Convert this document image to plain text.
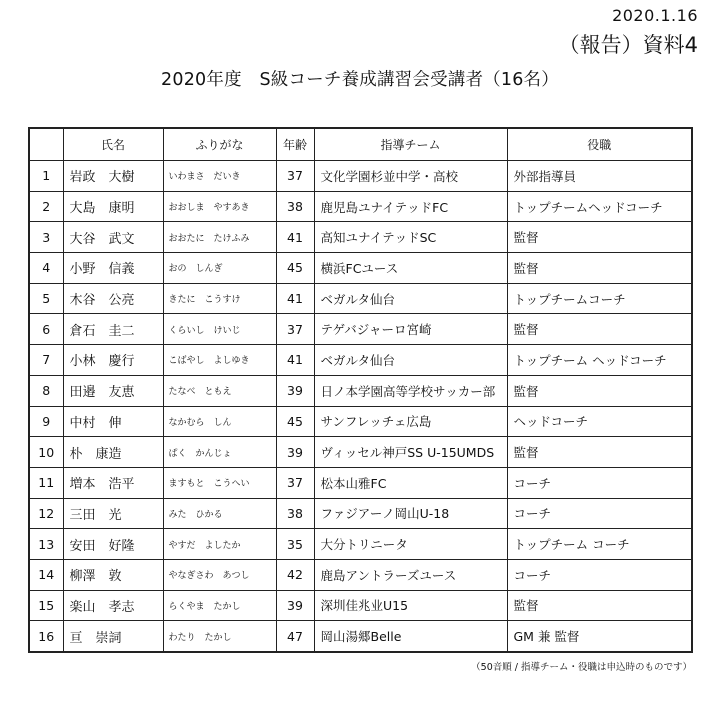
2020.1.16
（報告）資料4
2020年度　S級コーチ養成講習会受講者（16名）
	氏名	ふりがな	年齢	指導チーム	役職
1	岩政　大樹	いわまさ　だいき	37	文化学園杉並中学・高校	外部指導員
2	大島　康明	おおしま　やすあき	38	鹿児島ユナイテッドFC	トップチームヘッドコーチ
3	大谷　武文	おおたに　たけふみ	41	高知ユナイテッドSC	監督
4	小野　信義	おの　しんぎ	45	横浜FCユース	監督
5	木谷　公亮	きたに　こうすけ	41	ベガルタ仙台	トップチームコーチ
6	倉石　圭二	くらいし　けいじ	37	テゲバジャーロ宮崎	監督
7	小林　慶行	こばやし　よしゆき	41	ベガルタ仙台	トップチーム ヘッドコーチ
8	田邉　友恵	たなべ　ともえ	39	日ノ本学園高等学校サッカー部	監督
9	中村　伸	なかむら　しん	45	サンフレッチェ広島	ヘッドコーチ
10	朴　康造	ぱく　かんじょ	39	ヴィッセル神戸SS U-15UMDS	監督
11	増本　浩平	ますもと　こうへい	37	松本山雅FC	コーチ
12	三田　光	みた　ひかる	38	ファジアーノ岡山U-18	コーチ
13	安田　好隆	やすだ　よしたか	35	大分トリニータ	トップチーム コーチ
14	柳澤　敦	やなぎさわ　あつし	42	鹿島アントラーズユース	コーチ
15	楽山　孝志	らくやま　たかし	39	深圳佳兆业U15	監督
16	亘　崇詞	わたり　たかし	47	岡山湯郷Belle	GM 兼 監督
（50音順 / 指導チーム・役職は申込時のものです）
